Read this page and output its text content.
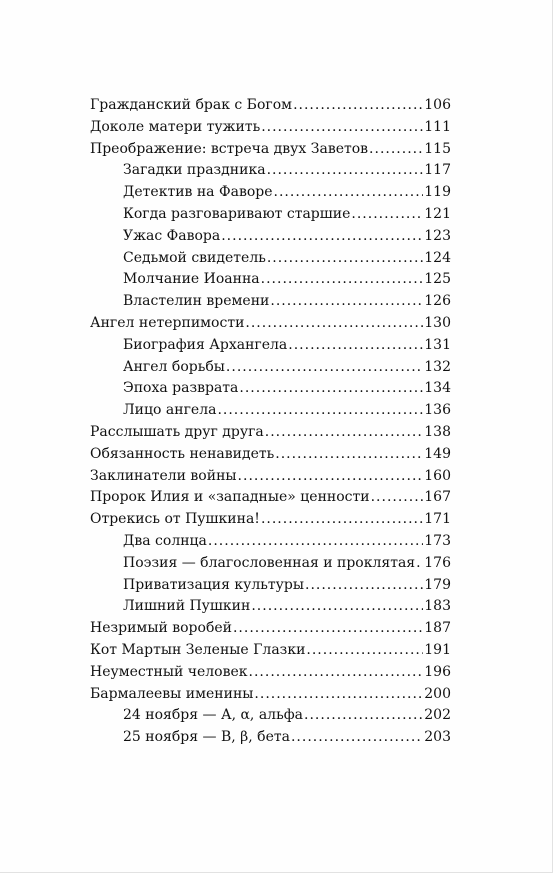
Гражданский брак с Богом .....	106
Доколе матери тужить .....	111
Преображение: встреча двух Заветов .....	115
Загадки праздника .....	117
Детектив на Фаворе .....	119
Когда разговаривают старшие .....	121
Ужас Фавора .....	123
Седьмой свидетель .....	124
Молчание Иоанна .....	125
Властелин времени .....	126
Ангел нетерпимости .....	130
Биография Архангела .....	131
Ангел борьбы .....	132
Эпоха разврата .....	134
Лицо ангела .....	136
Расслышать друг друга .....	138
Обязанность ненавидеть .....	149
Заклинатели войны .....	160
Пророк Илия и «западные» ценности .....	167
Отрекись от Пушкина! .....	171
Два солнца .....	173
Поэзия — благословенная и проклятая ..... 176
Приватизация культуры .....	179
Лишний Пушкин .....	183
Незримый воробей .....	187
Кот Мартын Зеленые Глазки .....	191
Неуместный человек .....	196
Бармалеевы именины .....	200
24 ноября — А, α, альфа .....	202
25 ноября — B, β, бета .....	203
